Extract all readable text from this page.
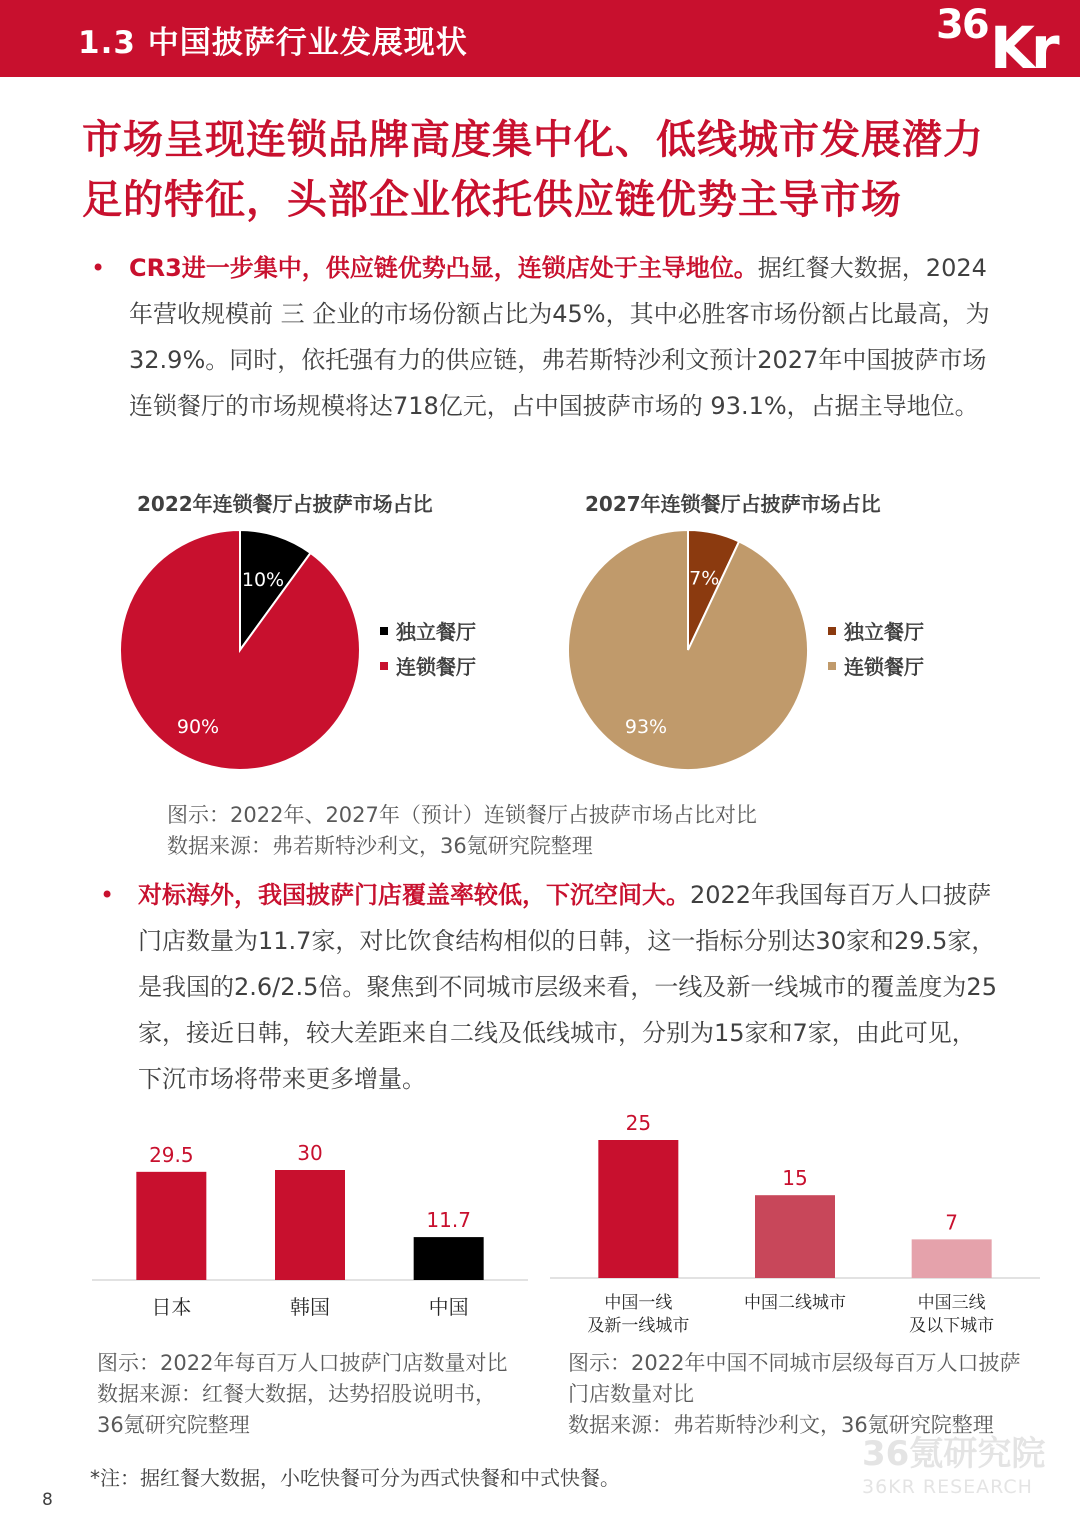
1.3 中国披萨行业发展现状	36 Kr
市场呈现连锁品牌高度集中化、低线城市发展潜力
足的特征，头部企业依托供应链优势主导市场
• CR3进一步集中，供应链优势凸显，连锁店处于主导地位。据红餐大数据，2024年营收规模前 三 企业的市场份额占比为45%，其中必胜客市场份额占比最高，为32.9%。同时，依托强有力的供应链，弗若斯特沙利文预计2027年中国披萨市场连锁餐厅的市场规模将达718亿元，占中国披萨市场的 93.1%，占据主导地位。
2022年连锁餐厅占披萨市场占比	2027年连锁餐厅占披萨市场占比
10%
90%
7%
93%
独立餐厅
连锁餐厅
独立餐厅
连锁餐厅
图示：2022年、2027年（预计）连锁餐厅占披萨市场占比对比
数据来源：弗若斯特沙利文，36氪研究院整理
• 对标海外，我国披萨门店覆盖率较低，下沉空间大。2022年我国每百万人口披萨门店数量为11.7家，对比饮食结构相似的日韩，这一指标分别达30家和29.5家，是我国的2.6/2.5倍。聚焦到不同城市层级来看，一线及新一线城市的覆盖度为25家，接近日韩，较大差距来自二线及低线城市，分别为15家和7家，由此可见，下沉市场将带来更多增量。
29.5
日本
30
韩国
11.7
中国
25
中国一线
及新一线城市
15
中国二线城市
7
中国三线
及以下城市
图示：2022年每百万人口披萨门店数量对比
数据来源：红餐大数据，达势招股说明书，
36氪研究院整理
图示：2022年中国不同城市层级每百万人口披萨
门店数量对比
数据来源：弗若斯特沙利文，36氪研究院整理
*注：据红餐大数据，小吃快餐可分为西式快餐和中式快餐。
8
36氪研究院
36KR RESEARCH
